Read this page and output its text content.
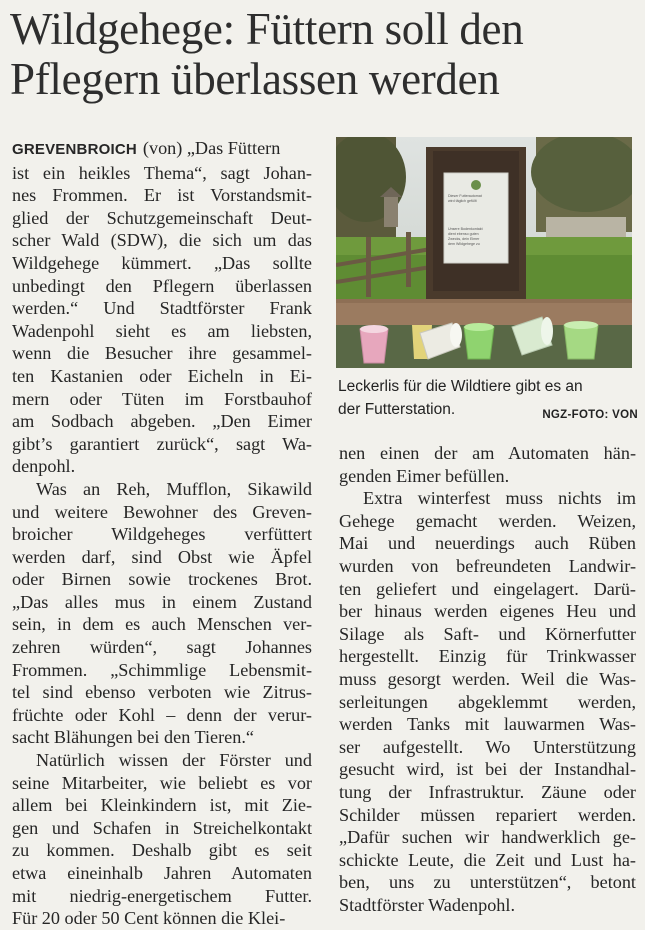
Wildgehege: Füttern soll den
Pflegern überlassen werden
Dieser Futterautomat
wird täglich gefüllt
Unsere Bodenkontakt
dient ebenso guten
Zwecks, dein Eimer
dem Wildgehege zu
Leckerlis für die Wildtiere gibt es an
der Futterstation.	NGZ-FOTO: VON
GREVENBROICH (von) „Das Füttern
ist ein heikles Thema“, sagt Johan-
nes Frommen. Er ist Vorstandsmit-
glied der Schutzgemeinschaft Deut-
scher Wald (SDW), die sich um das
Wildgehege kümmert. „Das sollte
unbedingt den Pflegern überlassen
werden.“ Und Stadtförster Frank
Wadenpohl sieht es am liebsten,
wenn die Besucher ihre gesammel-
ten Kastanien oder Eicheln in Ei-
mern oder Tüten im Forstbauhof
am Sodbach abgeben. „Den Eimer
gibt’s garantiert zurück“, sagt Wa-
denpohl.
Was an Reh, Mufflon, Sikawild
und weitere Bewohner des Greven-
broicher Wildgeheges verfüttert
werden darf, sind Obst wie Äpfel
oder Birnen sowie trockenes Brot.
„Das alles mus in einem Zustand
sein, in dem es auch Menschen ver-
zehren würden“, sagt Johannes
Frommen. „Schimmlige Lebensmit-
tel sind ebenso verboten wie Zitrus-
früchte oder Kohl – denn der verur-
sacht Blähungen bei den Tieren.“
Natürlich wissen der Förster und
seine Mitarbeiter, wie beliebt es vor
allem bei Kleinkindern ist, mit Zie-
gen und Schafen in Streichelkontakt
zu kommen. Deshalb gibt es seit
etwa eineinhalb Jahren Automaten
mit niedrig-energetischem Futter.
Für 20 oder 50 Cent können die Klei-
nen einen der am Automaten hän-
genden Eimer befüllen.
Extra winterfest muss nichts im
Gehege gemacht werden. Weizen,
Mai und neuerdings auch Rüben
wurden von befreundeten Landwir-
ten geliefert und eingelagert. Darü-
ber hinaus werden eigenes Heu und
Silage als Saft- und Körnerfutter
hergestellt. Einzig für Trinkwasser
muss gesorgt werden. Weil die Was-
serleitungen abgeklemmt werden,
werden Tanks mit lauwarmen Was-
ser aufgestellt. Wo Unterstützung
gesucht wird, ist bei der Instandhal-
tung der Infrastruktur. Zäune oder
Schilder müssen repariert werden.
„Dafür suchen wir handwerklich ge-
schickte Leute, die Zeit und Lust ha-
ben, uns zu unterstützen“, betont
Stadtförster Wadenpohl.
